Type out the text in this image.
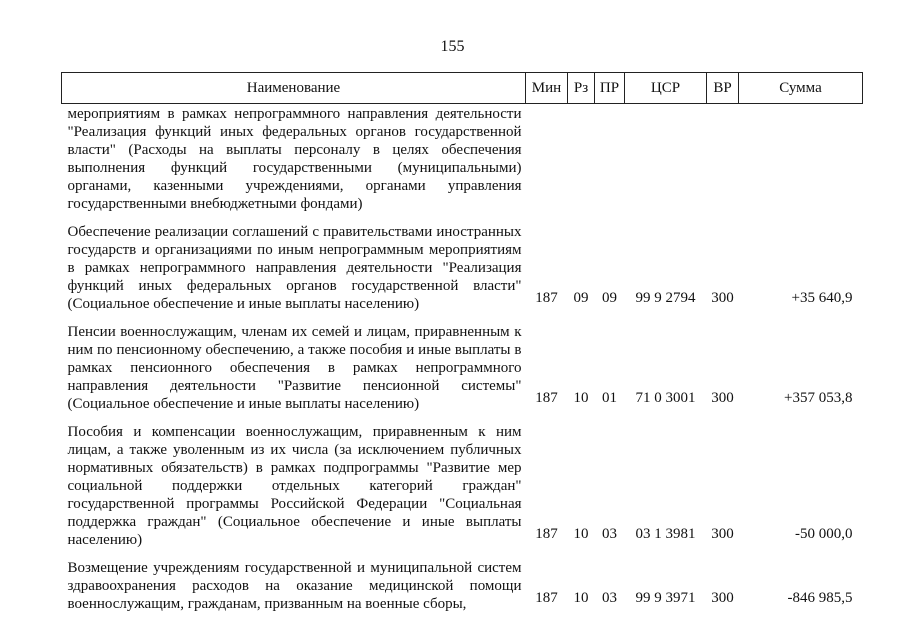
155
Наименование	Мин	Рз	ПР	ЦСР	ВР	Сумма
мероприятиям в рамках непрограммного направления деятельности "Реализация функций иных федеральных органов государственной власти" (Расходы на выплаты персоналу в целях обеспечения выполнения функций государственными (муниципальными) органами, казенными учреждениями, органами управления государственными внебюджетными фондами)						
Обеспечение реализации соглашений с правительствами иностранных государств и организациями по иным непрограммным мероприятиям в рамках непрограммного направления деятельности "Реализация функций иных федеральных органов государственной власти" (Социальное обеспечение и иные выплаты населению)	187	09	09	99 9 2794	300	+35 640,9
Пенсии военнослужащим, членам их семей и лицам, приравненным к ним по пенсионному обеспечению, а также пособия и иные выплаты в рамках пенсионного обеспечения в рамках непрограммного направления деятельности "Развитие пенсионной системы" (Социальное обеспечение и иные выплаты населению)	187	10	01	71 0 3001	300	+357 053,8
Пособия и компенсации военнослужащим, приравненным к ним лицам, а также уволенным из их числа (за исключением публичных нормативных обязательств) в рамках подпрограммы "Развитие мер социальной поддержки отдельных категорий граждан" государственной программы Российской Федерации "Социальная поддержка граждан" (Социальное обеспечение и иные выплаты населению)	187	10	03	03 1 3981	300	-50 000,0
Возмещение учреждениям государственной и муниципальной систем здравоохранения расходов на оказание медицинской помощи военнослужащим, гражданам, призванным на военные сборы,	187	10	03	99 9 3971	300	-846 985,5
